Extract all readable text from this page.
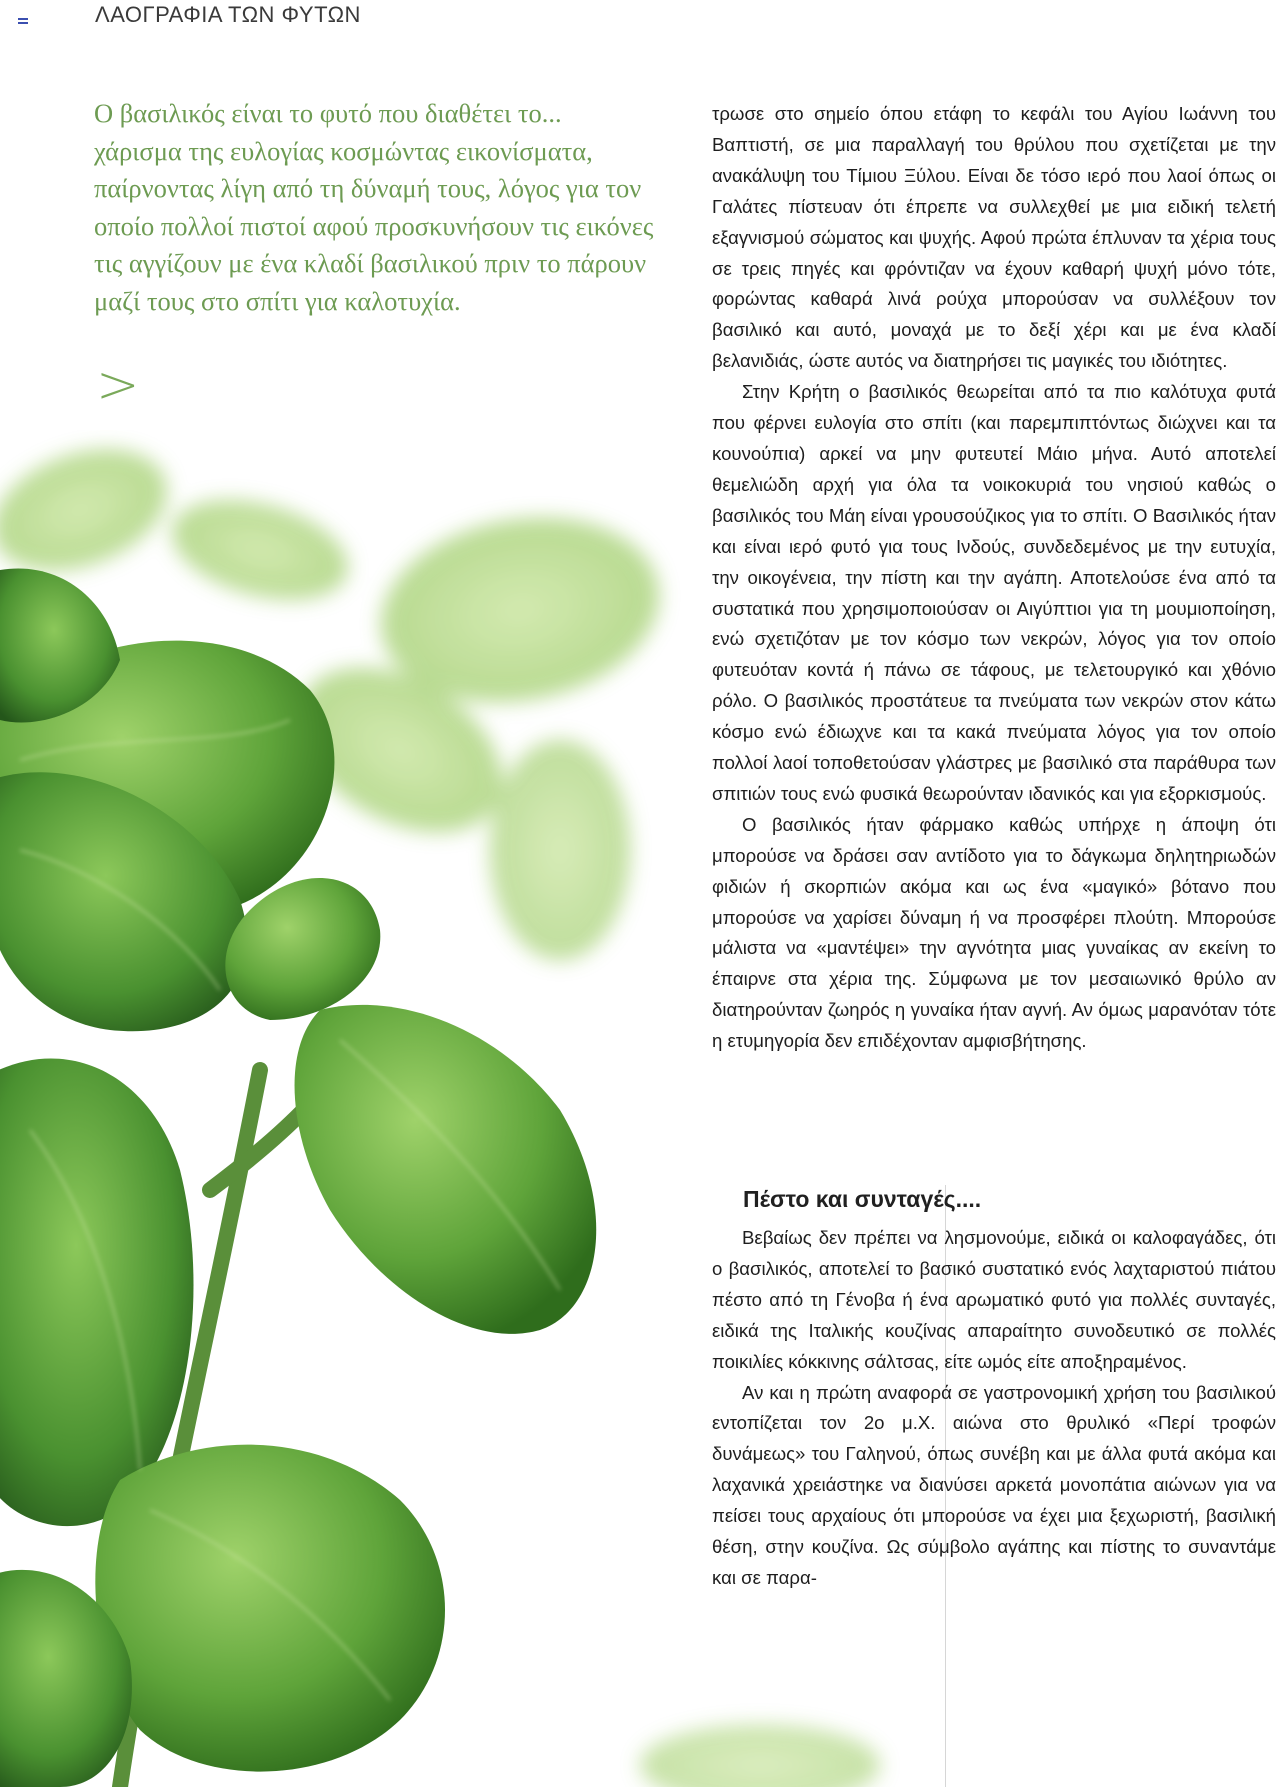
ΛΑΟΓΡΑΦΙΑ ΤΩΝ ΦΥΤΩΝ
Ο βασιλικός είναι το φυτό που διαθέτει το... χάρισμα της ευλογίας κοσμώντας εικονίσματα, παίρνοντας λίγη από τη δύναμή τους, λόγος για τον οποίο πολλοί πιστοί αφού προσκυνήσουν τις εικόνες τις αγγίζουν με ένα κλαδί βασιλικού πριν το πάρουν μαζί τους στο σπίτι για καλοτυχία.
>

τρωσε στο σημείο όπου ετάφη το κεφάλι του Αγίου Ιωάννη του Βαπτιστή, σε μια παραλλαγή του θρύλου που σχετίζεται με την ανακάλυψη του Τίμιου Ξύλου. Είναι δε τόσο ιερό που λαοί όπως οι Γαλάτες πίστευαν ότι έπρεπε να συλλεχθεί με μια ειδική τελετή εξαγνισμού σώματος και ψυχής. Αφού πρώτα έπλυναν τα χέρια τους σε τρεις πηγές και φρόντιζαν να έχουν καθαρή ψυχή μόνο τότε, φορώντας καθαρά λινά ρούχα μπορούσαν να συλλέξουν τον βασιλικό και αυτό, μοναχά με το δεξί χέρι και με ένα κλαδί βελανιδιάς, ώστε αυτός να διατηρήσει τις μαγικές του ιδιότητες.

Στην Κρήτη ο βασιλικός θεωρείται από τα πιο καλότυχα φυτά που φέρνει ευλογία στο σπίτι (και παρεμπιπτόντως διώχνει και τα κουνούπια) αρκεί να μην φυτευτεί Μάιο μήνα. Αυτό αποτελεί θεμελιώδη αρχή για όλα τα νοικοκυριά του νησιού καθώς ο βασιλικός του Μάη είναι γρουσούζικος για το σπίτι. Ο Βασιλικός ήταν και είναι ιερό φυτό για τους Ινδούς, συνδεδεμένος με την ευτυχία, την οικογένεια, την πίστη και την αγάπη. Αποτελούσε ένα από τα συστατικά που χρησιμοποιούσαν οι Αιγύπτιοι για τη μουμιοποίηση, ενώ σχετιζόταν με τον κόσμο των νεκρών, λόγος για τον οποίο φυτευόταν κοντά ή πάνω σε τάφους, με τελετουργικό και χθόνιο ρόλο. Ο βασιλικός προστάτευε τα πνεύματα των νεκρών στον κάτω κόσμο ενώ έδιωχνε και τα κακά πνεύματα λόγος για τον οποίο πολλοί λαοί τοποθετούσαν γλάστρες με βασιλικό στα παράθυρα των σπιτιών τους ενώ φυσικά θεωρούνταν ιδανικός και για εξορκισμούς.

Ο βασιλικός ήταν φάρμακο καθώς υπήρχε η άποψη ότι μπορούσε να δράσει σαν αντίδοτο για το δάγκωμα δηλητηριωδών φιδιών ή σκορπιών ακόμα και ως ένα «μαγικό» βότανο που μπορούσε να χαρίσει δύναμη ή να προσφέρει πλούτη. Μπορούσε μάλιστα να «μαντέψει» την αγνότητα μιας γυναίκας αν εκείνη το έπαιρνε στα χέρια της. Σύμφωνα με τον μεσαιωνικό θρύλο αν διατηρούνταν ζωηρός η γυναίκα ήταν αγνή. Αν όμως μαρανόταν τότε η ετυμηγορία δεν επιδέχονταν αμφισβήτησης.

Πέστο και συνταγές....

Βεβαίως δεν πρέπει να λησμονούμε, ειδικά οι καλοφαγάδες, ότι ο βασιλικός, αποτελεί το βασικό συστατικό ενός λαχταριστού πιάτου πέστο από τη Γένοβα ή ένα αρωματικό φυτό για πολλές συνταγές, ειδικά της Ιταλικής κουζίνας απαραίτητο συνοδευτικό σε πολλές ποικιλίες κόκκινης σάλτσας, είτε ωμός είτε αποξηραμένος.

Αν και η πρώτη αναφορά σε γαστρονομική χρήση του βασιλικού εντοπίζεται τον 2ο μ.Χ. αιώνα στο θρυλικό «Περί τροφών δυνάμεως» του Γαληνού, όπως συνέβη και με άλλα φυτά ακόμα και λαχανικά χρειάστηκε να διανύσει αρκετά μονοπάτια αιώνων για να πείσει τους αρχαίους ότι μπορούσε να έχει μια ξεχωριστή, βασιλική θέση, στην κουζίνα. Ως σύμβολο αγάπης και πίστης το συναντάμε και σε παρα-
